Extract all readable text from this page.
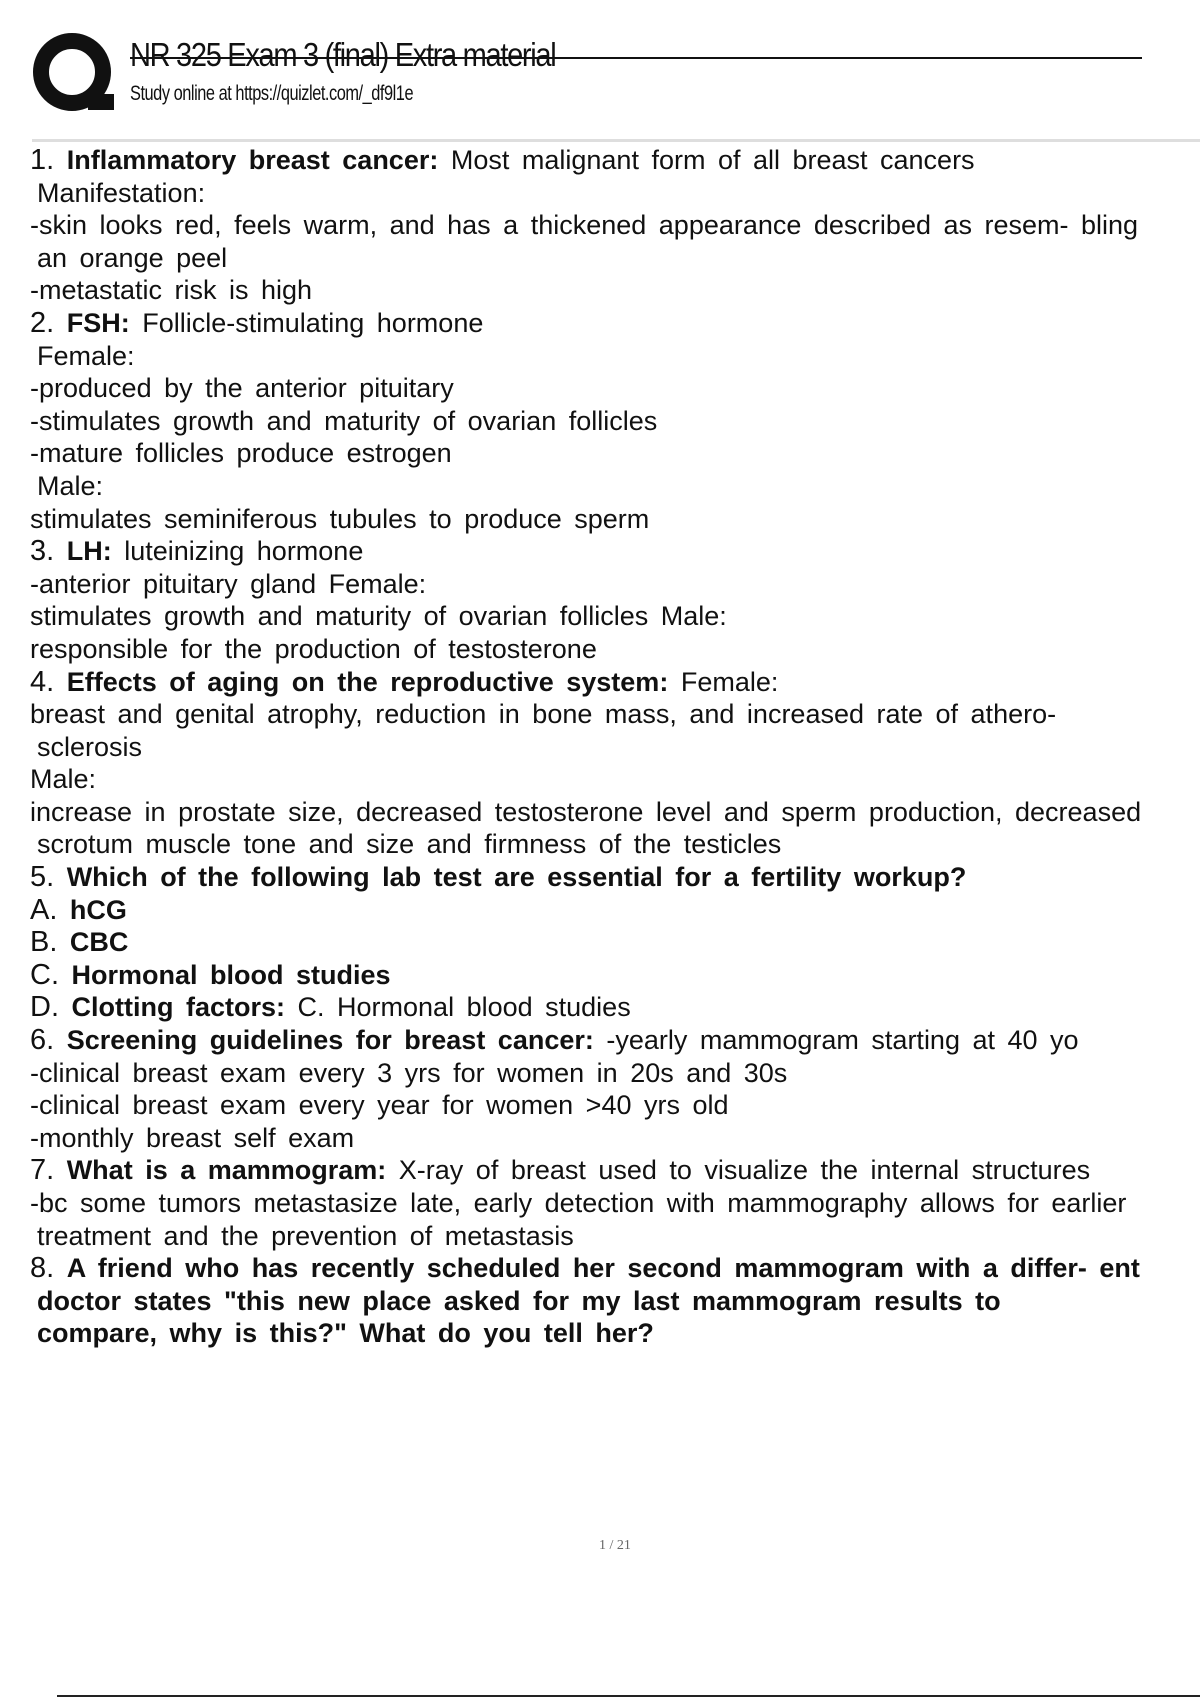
NR 325 Exam 3 (final) Extra material
Study online at https://quizlet.com/_df9l1e
1. Inflammatory breast cancer: Most malignant form of all breast cancers
Manifestation:
-skin looks red, feels warm, and has a thickened appearance described as resem- bling
an orange peel
-metastatic risk is high
2. FSH: Follicle-stimulating hormone
Female:
-produced by the anterior pituitary
-stimulates growth and maturity of ovarian follicles
-mature follicles produce estrogen
Male:
stimulates seminiferous tubules to produce sperm
3. LH: luteinizing hormone
-anterior pituitary gland Female:
stimulates growth and maturity of ovarian follicles Male:
responsible for the production of testosterone
4. Effects of aging on the reproductive system: Female:
breast and genital atrophy, reduction in bone mass, and increased rate of athero-
sclerosis
Male:
increase in prostate size, decreased testosterone level and sperm production, decreased
scrotum muscle tone and size and firmness of the testicles
5. Which of the following lab test are essential for a fertility workup?
A. hCG
B. CBC
C. Hormonal blood studies
D. Clotting factors: C. Hormonal blood studies
6. Screening guidelines for breast cancer: -yearly mammogram starting at 40 yo
-clinical breast exam every 3 yrs for women in 20s and 30s
-clinical breast exam every year for women >40 yrs old
-monthly breast self exam
7. What is a mammogram: X-ray of breast used to visualize the internal structures
-bc some tumors metastasize late, early detection with mammography allows for earlier
treatment and the prevention of metastasis
8. A friend who has recently scheduled her second mammogram with a differ- ent
doctor states "this new place asked for my last mammogram results to
compare, why is this?" What do you tell her?
1 / 21
